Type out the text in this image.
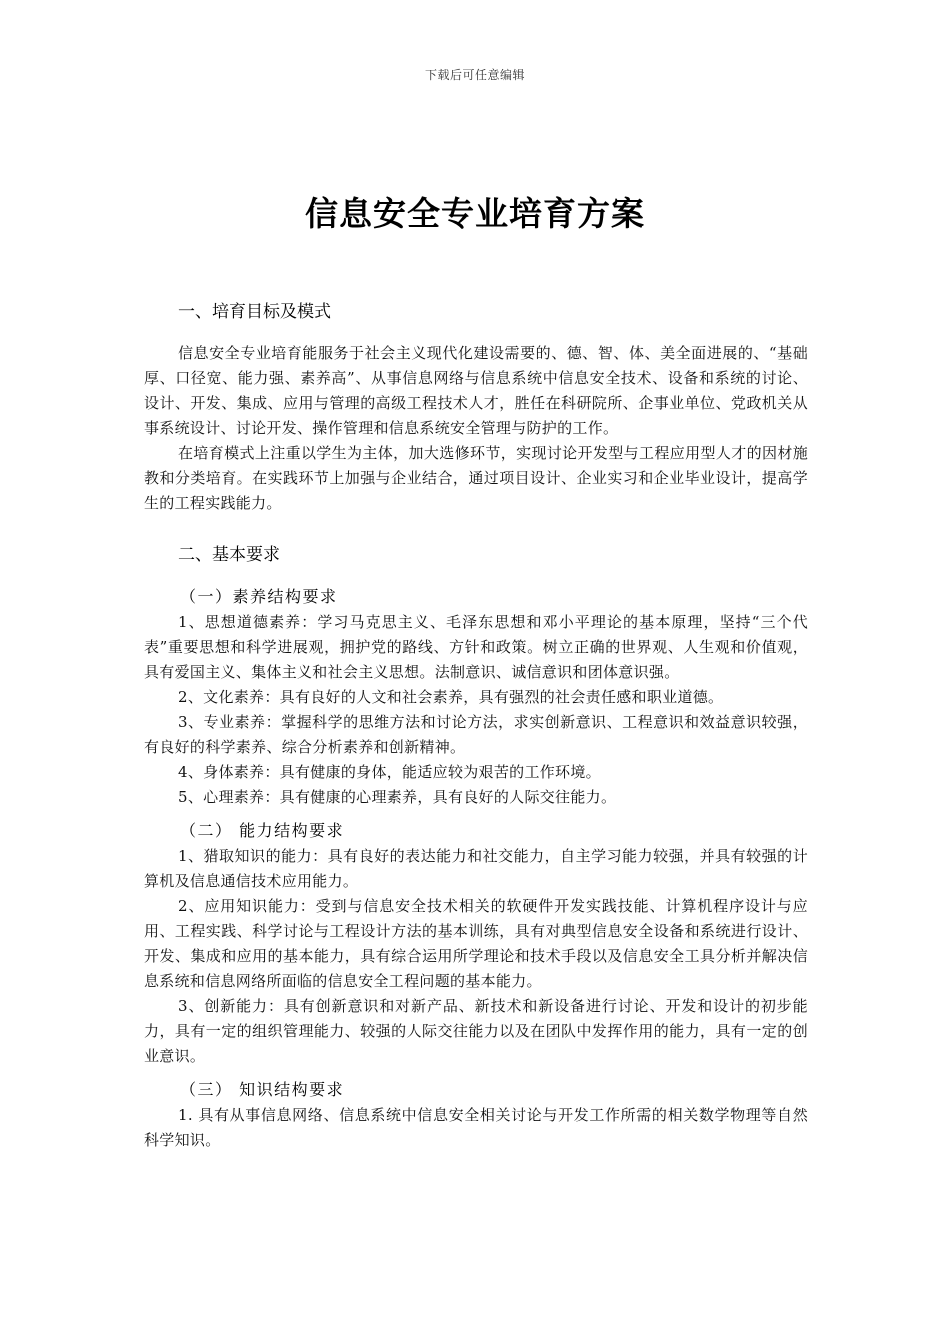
下载后可任意编辑
信息安全专业培育方案
一、培育目标及模式

信息安全专业培育能服务于社会主义现代化建设需要的、德、智、体、美全面进展的、“基础厚、口径宽、能力强、素养高”、从事信息网络与信息系统中信息安全技术、设备和系统的讨论、设计、开发、集成、应用与管理的高级工程技术人才，胜任在科研院所、企事业单位、党政机关从事系统设计、讨论开发、操作管理和信息系统安全管理与防护的工作。

在培育模式上注重以学生为主体，加大选修环节，实现讨论开发型与工程应用型人才的因材施教和分类培育。在实践环节上加强与企业结合，通过项目设计、企业实习和企业毕业设计，提高学生的工程实践能力。

二、基本要求
（一）素养结构要求

1、思想道德素养：学习马克思主义、毛泽东思想和邓小平理论的基本原理，坚持“三个代表”重要思想和科学进展观，拥护党的路线、方针和政策。树立正确的世界观、人生观和价值观，具有爱国主义、集体主义和社会主义思想。法制意识、诚信意识和团体意识强。

2、文化素养：具有良好的人文和社会素养，具有强烈的社会责任感和职业道德。

3、专业素养：掌握科学的思维方法和讨论方法，求实创新意识、工程意识和效益意识较强，有良好的科学素养、综合分析素养和创新精神。

4、身体素养：具有健康的身体，能适应较为艰苦的工作环境。

5、心理素养：具有健康的心理素养，具有良好的人际交往能力。

（二） 能力结构要求

1、猎取知识的能力：具有良好的表达能力和社交能力，自主学习能力较强，并具有较强的计算机及信息通信技术应用能力。

2、应用知识能力：受到与信息安全技术相关的软硬件开发实践技能、计算机程序设计与应用、工程实践、科学讨论与工程设计方法的基本训练，具有对典型信息安全设备和系统进行设计、开发、集成和应用的基本能力，具有综合运用所学理论和技术手段以及信息安全工具分析并解决信息系统和信息网络所面临的信息安全工程问题的基本能力。

3、创新能力：具有创新意识和对新产品、新技术和新设备进行讨论、开发和设计的初步能力，具有一定的组织管理能力、较强的人际交往能力以及在团队中发挥作用的能力，具有一定的创业意识。

（三） 知识结构要求

1. 具有从事信息网络、信息系统中信息安全相关讨论与开发工作所需的相关数学物理等自然科学知识。
